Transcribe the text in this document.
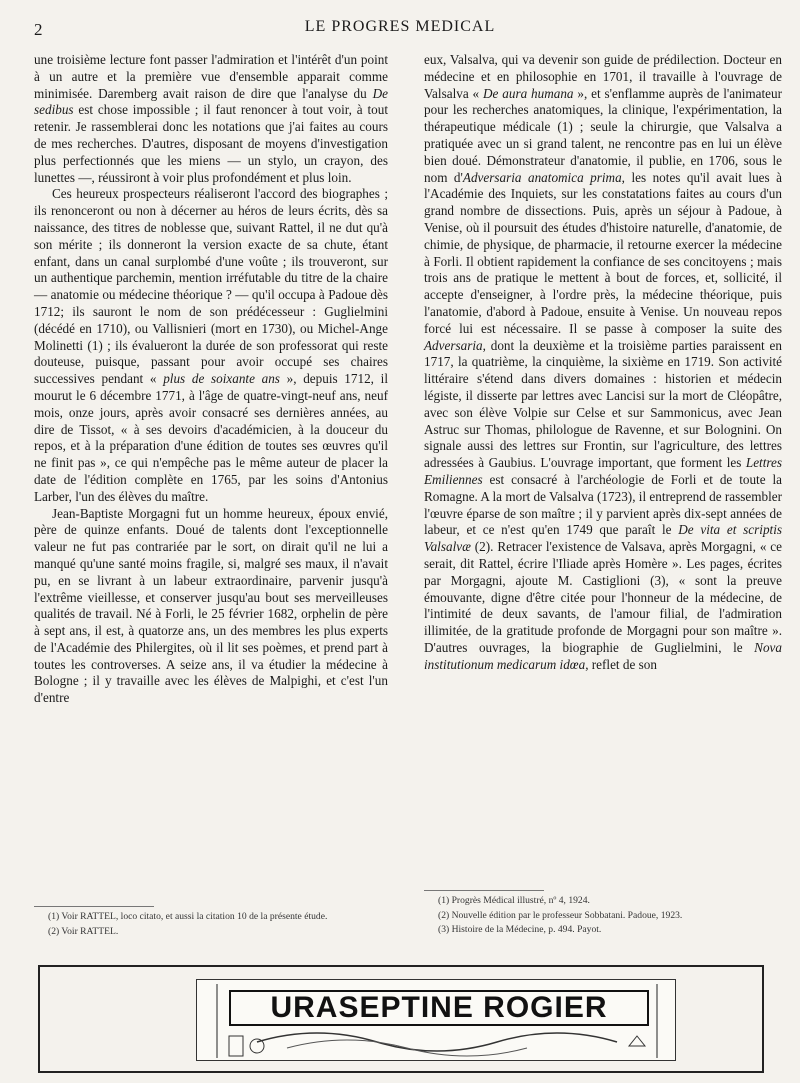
2	LE PROGRES MEDICAL

une troisième lecture font passer l'admiration et l'intérêt d'un point à un autre et la première vue d'ensemble apparait comme minimisée. Daremberg avait raison de dire que l'analyse du De sedibus est chose impossible ; il faut renoncer à tout voir, à tout retenir. Je rassemblerai donc les notations que j'ai faites au cours de mes recherches. D'autres, disposant de moyens d'investigation plus perfectionnés que les miens — un stylo, un crayon, des lunettes —, réussiront à voir plus profondément et plus loin.

Ces heureux prospecteurs réaliseront l'accord des biographes ; ils renonceront ou non à décerner au héros de leurs écrits, dès sa naissance, des titres de noblesse que, suivant Rattel, il ne dut qu'à son mérite ; ils donneront la version exacte de sa chute, étant enfant, dans un canal surplombé d'une voûte ; ils trouveront, sur un authentique parchemin, mention irréfutable du titre de la chaire — anatomie ou médecine théorique ? — qu'il occupa à Padoue dès 1712; ils sauront le nom de son prédécesseur : Guglielmini (décédé en 1710), ou Vallisnieri (mort en 1730), ou Michel-Ange Molinetti (1) ; ils évalueront la durée de son professorat qui reste douteuse, puisque, passant pour avoir occupé ses chaires successives pendant « plus de soixante ans », depuis 1712, il mourut le 6 décembre 1771, à l'âge de quatre-vingt-neuf ans, neuf mois, onze jours, après avoir consacré ses dernières années, au dire de Tissot, « à ses devoirs d'académicien, à la douceur du repos, et à la préparation d'une édition de toutes ses œuvres qu'il ne finit pas », ce qui n'empêche pas le même auteur de placer la date de l'édition complète en 1765, par les soins d'Antonius Larber, l'un des élèves du maître.

Jean-Baptiste Morgagni fut un homme heureux, époux envié, père de quinze enfants. Doué de talents dont l'exceptionnelle valeur ne fut pas contrariée par le sort, on dirait qu'il ne lui a manqué qu'une santé moins fragile, si, malgré ses maux, il n'avait pu, en se livrant à un labeur extraordinaire, parvenir jusqu'à l'extrême vieillesse, et conserver jusqu'au bout ses merveilleuses qualités de travail. Né à Forli, le 25 février 1682, orphelin de père à sept ans, il est, à quatorze ans, un des membres les plus experts de l'Académie des Philergites, où il lit ses poèmes, et prend part à toutes les controverses. A seize ans, il va étudier la médecine à Bologne ; il y travaille avec les élèves de Malpighi, et c'est l'un d'entre

eux, Valsalva, qui va devenir son guide de prédilection. Docteur en médecine et en philosophie en 1701, il travaille à l'ouvrage de Valsalva « De aura humana », et s'enflamme auprès de l'animateur pour les recherches anatomiques, la clinique, l'expérimentation, la thérapeutique médicale (1) ; seule la chirurgie, que Valsalva a pratiquée avec un si grand talent, ne rencontre pas en lui un élève bien doué. Démonstrateur d'anatomie, il publie, en 1706, sous le nom d'Adversaria anatomica prima, les notes qu'il avait lues à l'Académie des Inquiets, sur les constatations faites au cours d'un grand nombre de dissections. Puis, après un séjour à Padoue, à Venise, où il poursuit des études d'histoire naturelle, d'anatomie, de chimie, de physique, de pharmacie, il retourne exercer la médecine à Forli. Il obtient rapidement la confiance de ses concitoyens ; mais trois ans de pratique le mettent à bout de forces, et, sollicité, il accepte d'enseigner, à l'ordre près, la médecine théorique, puis l'anatomie, d'abord à Padoue, ensuite à Venise. Un nouveau repos forcé lui est nécessaire. Il se passe à composer la suite des Adversaria, dont la deuxième et la troisième parties paraissent en 1717, la quatrième, la cinquième, la sixième en 1719. Son activité littéraire s'étend dans divers domaines : historien et médecin légiste, il disserte par lettres avec Lancisi sur la mort de Cléopâtre, avec son élève Volpie sur Celse et sur Sammonicus, avec Jean Astruc sur Thomas, philologue de Ravenne, et sur Bolognini. On signale aussi des lettres sur Frontin, sur l'agriculture, des lettres adressées à Gaubius. L'ouvrage important, que forment les Lettres Emiliennes est consacré à l'archéologie de Forli et de toute la Romagne. A la mort de Valsalva (1723), il entreprend de rassembler l'œuvre éparse de son maître ; il y parvient après dix-sept années de labeur, et ce n'est qu'en 1749 que paraît le De vita et scriptis Valsalvæ (2). Retracer l'existence de Valsava, après Morgagni, « ce serait, dit Rattel, écrire l'Iliade après Homère ». Les pages, écrites par Morgagni, ajoute M. Castiglioni (3), « sont la preuve émouvante, digne d'être citée pour l'honneur de la médecine, de l'intimité de deux savants, de l'amour filial, de l'admiration illimitée, de la gratitude profonde de Morgagni pour son maître ». D'autres ouvrages, la biographie de Guglielmini, le Nova institutionum medicarum idœa, reflet de son

(1) Voir RATTEL, loco citato, et aussi la citation 10 de la présente étude.

(2) Voir RATTEL.

(1) Progrès Médical illustré, nº 4, 1924.

(2) Nouvelle édition par le professeur Sobbatani. Padoue, 1923.

(3) Histoire de la Médecine, p. 494. Payot.

URASEPTINE ROGIER
